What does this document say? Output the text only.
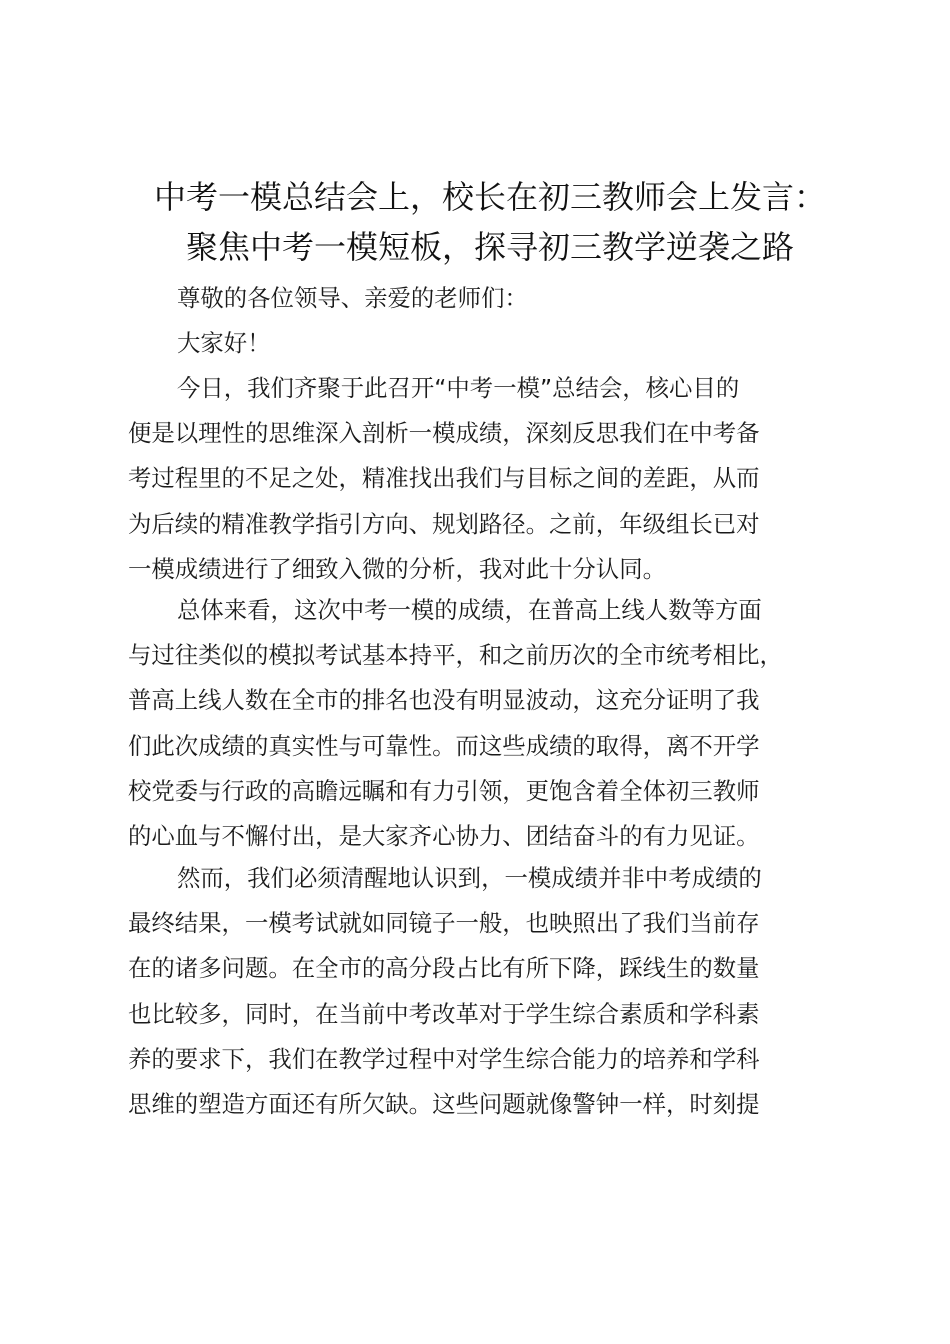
中考一模总结会上，校长在初三教师会上发言：
聚焦中考一模短板，探寻初三教学逆袭之路
尊敬的各位领导、亲爱的老师们：
大家好！
今日，我们齐聚于此召开“中考一模”总结会，核心目的
便是以理性的思维深入剖析一模成绩，深刻反思我们在中考备
考过程里的不足之处，精准找出我们与目标之间的差距，从而
为后续的精准教学指引方向、规划路径。之前，年级组长已对
一模成绩进行了细致入微的分析，我对此十分认同。
总体来看，这次中考一模的成绩，在普高上线人数等方面
与过往类似的模拟考试基本持平，和之前历次的全市统考相比，
普高上线人数在全市的排名也没有明显波动，这充分证明了我
们此次成绩的真实性与可靠性。而这些成绩的取得，离不开学
校党委与行政的高瞻远瞩和有力引领，更饱含着全体初三教师
的心血与不懈付出，是大家齐心协力、团结奋斗的有力见证。
然而，我们必须清醒地认识到，一模成绩并非中考成绩的
最终结果，一模考试就如同镜子一般，也映照出了我们当前存
在的诸多问题。在全市的高分段占比有所下降，踩线生的数量
也比较多，同时，在当前中考改革对于学生综合素质和学科素
养的要求下，我们在教学过程中对学生综合能力的培养和学科
思维的塑造方面还有所欠缺。这些问题就像警钟一样，时刻提
